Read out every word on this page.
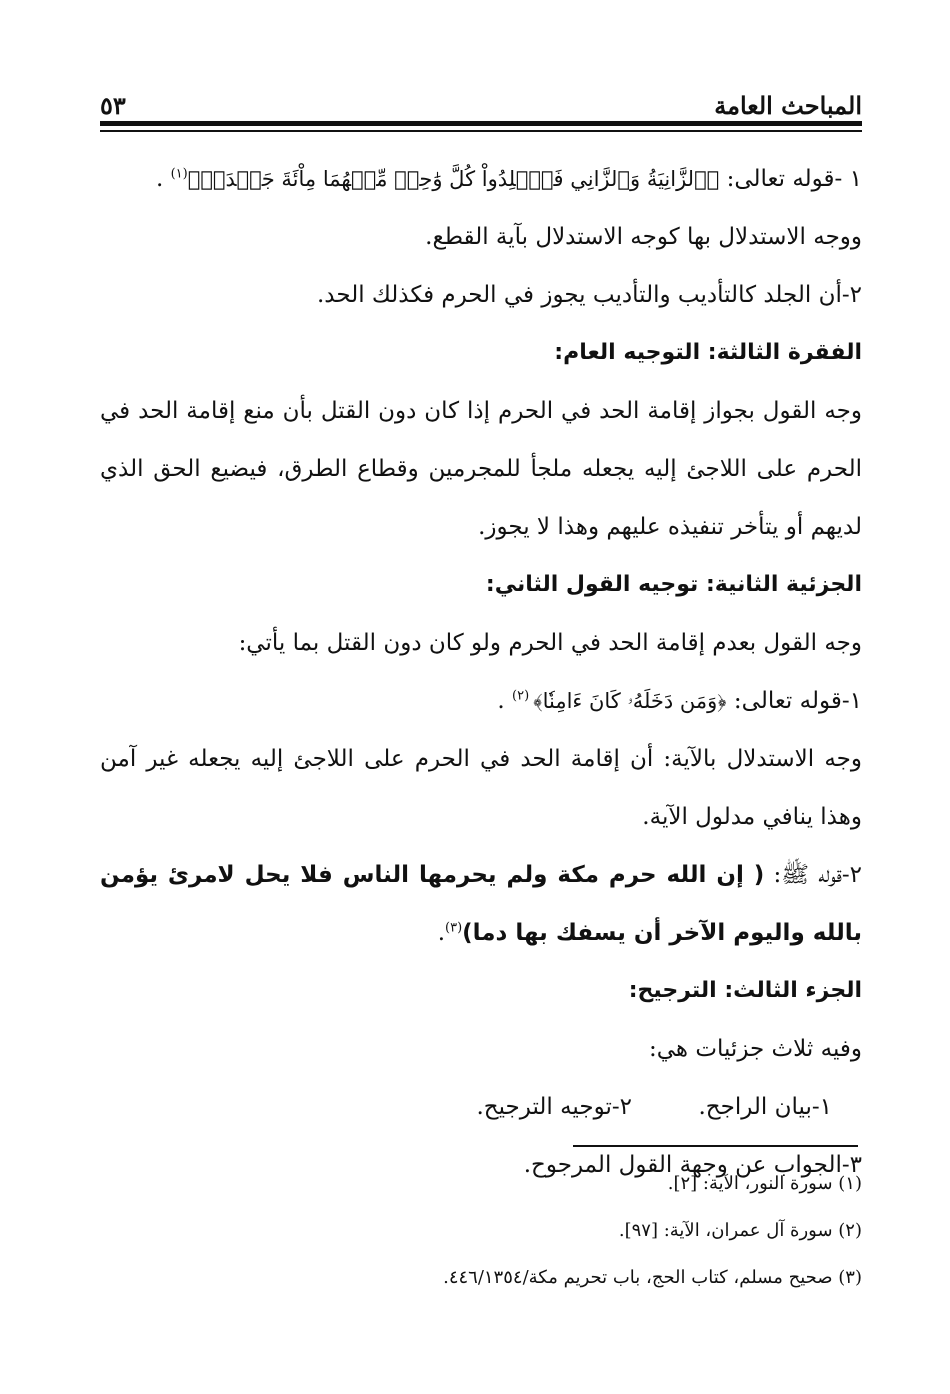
المباحث العامة
٥٣

١ -قوله تعالى: ﴿ٱلزَّانِيَةُ وَٱلزَّانِي فَٱجۡلِدُواْ كُلَّ وَٰحِدٖ مِّنۡهُمَا مِاْئَةَ جَلۡدَةٖ﴾$^{(١)}$ .

ووجه الاستدلال بها كوجه الاستدلال بآية القطع.

٢-أن الجلد كالتأديب والتأديب يجوز في الحرم فكذلك الحد.

الفقرة الثالثة: التوجيه العام:

وجه القول بجواز إقامة الحد في الحرم إذا كان دون القتل بأن منع إقامة الحد في الحرم على اللاجئ إليه يجعله ملجأ للمجرمين وقطاع الطرق، فيضيع الحق الذي لديهم أو يتأخر تنفيذه عليهم وهذا لا يجوز.

الجزئية الثانية: توجيه القول الثاني:

وجه القول بعدم إقامة الحد في الحرم ولو كان دون القتل بما يأتي:

١-قوله تعالى: ﴿وَمَن دَخَلَهُۥ كَانَ ءَامِنٗا﴾ $^{(٢)}$ .

وجه الاستدلال بالآية: أن إقامة الحد في الحرم على اللاجئ إليه يجعله غير آمن وهذا ينافي مدلول الآية.

٢-قوله ﷺ: ( إن الله حرم مكة ولم يحرمها الناس فلا يحل لامرئ يؤمن بالله واليوم الآخر أن يسفك بها دما)$^{(٣)}$.

الجزء الثالث: الترجيح:

وفيه ثلاث جزئيات هي:

١-بيان الراجح.
٢-توجيه الترجيح.

٣-الجواب عن وجهة القول المرجوح.

(١) سورة النور، الآية: [٢].

(٢) سورة آل عمران، الآية: [٩٧].

(٣) صحيح مسلم، كتاب الحج، باب تحريم مكة/٤٤٦/١٣٥٤.
